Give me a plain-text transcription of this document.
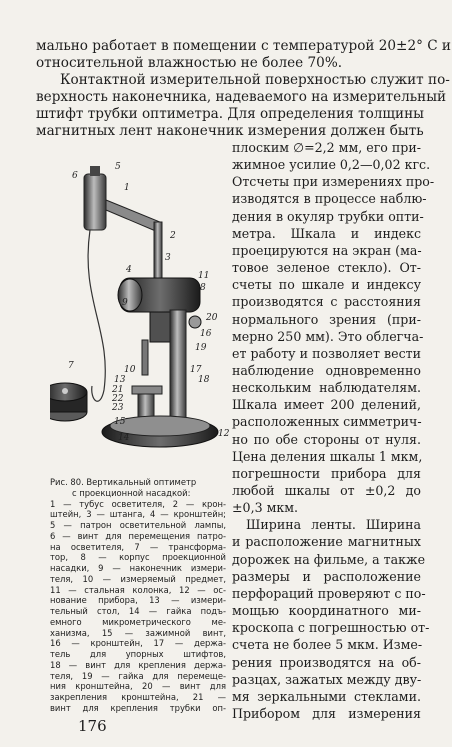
мально работает в помещении с температурой 20±2° С и
относительной влажностью не более 70%.
Контактной измерительной поверхностью служит по-
верхность наконечника, надеваемого на измерительный
штифт трубки оптиметра. Для определения толщины
магнитных лент наконечник измерения должен быть
плоским ∅=2,2 мм, его при-
жимное усилие 0,2—0,02 кгс.
Отсчеты при измерениях про-
изводятся в процессе наблю-
дения в окуляр трубки опти-
метра. Шкала и индекс
проецируются на экран (ма-
товое зеленое стекло). От-
счеты по шкале и индексу
производятся с расстояния
нормального зрения (при-
мерно 250 мм). Это облегча-
ет работу и позволяет вести
наблюдение одновременно
нескольким наблюдателям.
Шкала имеет 200 делений,
расположенных симметрич-
но по обе стороны от нуля.
Цена деления шкалы 1 мкм,
погрешности прибора для
любой шкалы от ±0,2 до
±0,3 мкм.
Ширина ленты. Ширина
и расположение магнитных
дорожек на фильме, а также
размеры и расположение
перфораций проверяют с по-
мощью координатного ми-
кроскопа с погрешностью от-
счета не более 5 мкм. Изме-
рения производятся на об-
разцах, зажатых между дву-
мя зеркальными стеклами.
Прибором для измерения
5
6
1
2
3
4
11
8
9
20
16
19
10	17
18
7
13
21
22
23
15
14	12
Рис. 80. Вертикальный оптиметр
с проекционной насадкой:
1 — тубус осветителя, 2 — крон-
штейн, 3 — штанга, 4 — кронштейн;
5 — патрон осветительной лампы,
6 — винт для перемещения патро-
на осветителя, 7 — трансформа-
тор, 8 — корпус проекционной
насадки, 9 — наконечник измери-
теля, 10 — измеряемый предмет,
11 — стальная колонка, 12 — ос-
нование прибора, 13 — измери-
тельный стол, 14 — гайка подъ-
емного микрометрического ме-
ханизма, 15 — зажимной винт,
16 — кронштейн, 17 — держа-
тель для упорных штифтов,
18 — винт для крепления держа-
теля, 19 — гайка для перемеще-
ния кронштейна, 20 — винт для
закрепления кронштейна, 21 —
винт для крепления трубки оп-
176
